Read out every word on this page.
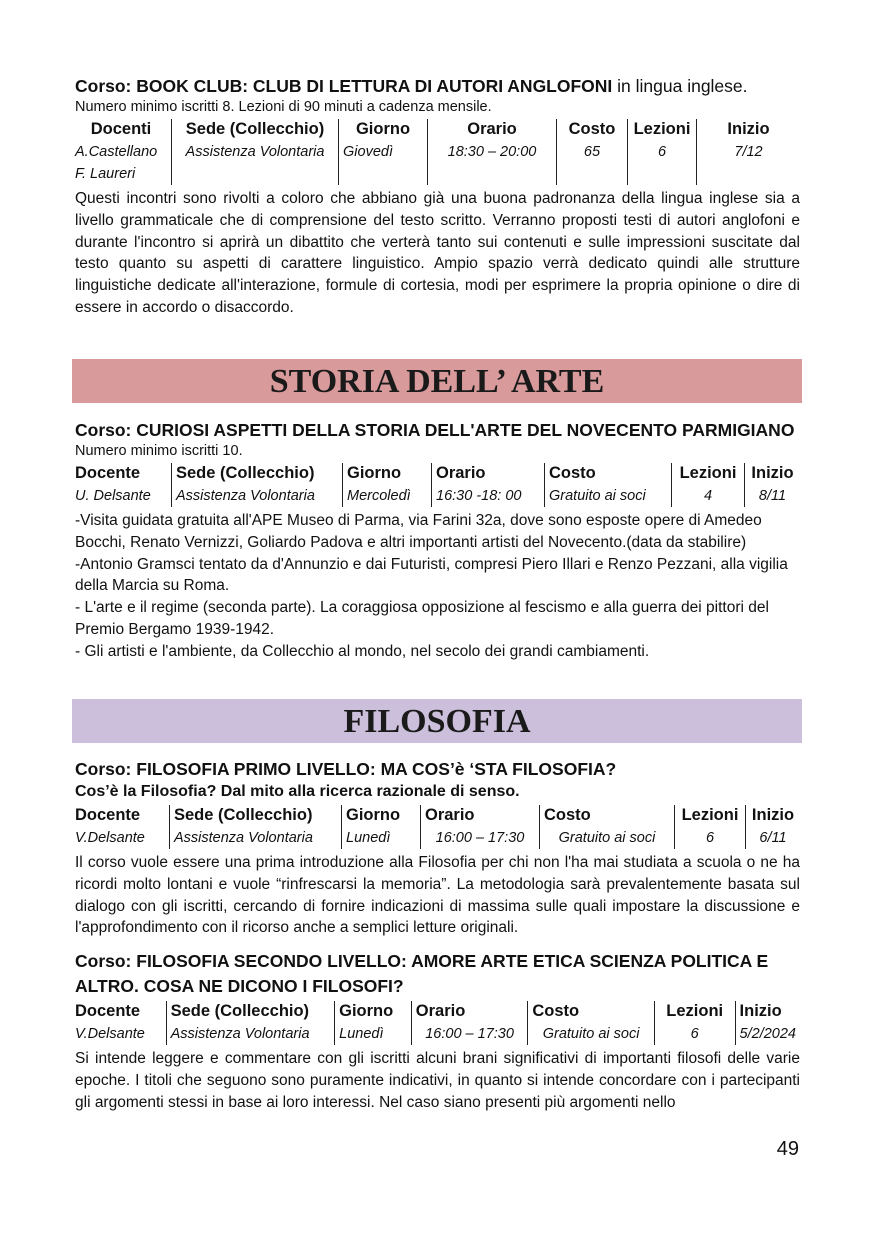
Corso: BOOK CLUB: CLUB DI LETTURA DI AUTORI ANGLOFONI in lingua inglese.
Numero minimo iscritti 8. Lezioni di 90 minuti a cadenza mensile.
Docenti	Sede (Collecchio)	Giorno	Orario	Costo	Lezioni	Inizio
A.Castellano	Assistenza Volontaria	Giovedì	18:30 – 20:00	65	6	7/12
F. Laureri						
Questi incontri sono rivolti a coloro che abbiano già una buona padronanza della lingua inglese sia a livello grammaticale che di comprensione del testo scritto. Verranno proposti testi di autori anglofoni e durante l'incontro si aprirà un dibattito che verterà tanto sui contenuti e sulle impressioni suscitate dal testo quanto su aspetti di carattere linguistico. Ampio spazio verrà dedicato quindi alle strutture linguistiche dedicate all'interazione, formule di cortesia, modi per esprimere la propria opinione o dire di essere in accordo o disaccordo.
STORIA DELL’ ARTE
Corso: CURIOSI ASPETTI DELLA STORIA DELL'ARTE DEL NOVECENTO PARMIGIANO
Numero minimo iscritti 10.
Docente	Sede (Collecchio)	Giorno	Orario	Costo	Lezioni	Inizio
U. Delsante	Assistenza Volontaria	Mercoledì	16:30 -18: 00	Gratuito ai soci	4	8/11
-Visita guidata gratuita all'APE Museo di Parma, via Farini 32a, dove sono esposte opere di Amedeo Bocchi, Renato Vernizzi, Goliardo Padova e altri importanti artisti del Novecento.(data da stabilire)
-Antonio Gramsci tentato da d'Annunzio e dai Futuristi, compresi Piero Illari e Renzo Pezzani, alla vigilia della Marcia su Roma.
- L'arte e il regime (seconda parte). La coraggiosa opposizione al fescismo e alla guerra dei pittori del Premio Bergamo 1939-1942.
- Gli artisti e l'ambiente, da Collecchio al mondo, nel secolo dei grandi cambiamenti.
FILOSOFIA
Corso: FILOSOFIA PRIMO LIVELLO: MA COS’è ‘STA FILOSOFIA?
Cos’è la Filosofia? Dal mito alla ricerca razionale di senso.
Docente	Sede (Collecchio)	Giorno	Orario	Costo	Lezioni	Inizio
V.Delsante	Assistenza Volontaria	Lunedì	16:00 – 17:30	Gratuito ai soci	6	6/11
Il corso vuole essere una prima introduzione alla Filosofia per chi non l'ha mai studiata a scuola o ne ha ricordi molto lontani e vuole “rinfrescarsi la memoria”. La metodologia sarà prevalentemente basata sul dialogo con gli iscritti, cercando di fornire indicazioni di massima sulle quali impostare la discussione e l'approfondimento con il ricorso anche a semplici letture originali.
Corso: FILOSOFIA SECONDO LIVELLO: AMORE ARTE ETICA SCIENZA POLITICA E ALTRO. COSA NE DICONO I FILOSOFI?
Docente	Sede (Collecchio)	Giorno	Orario	Costo	Lezioni	Inizio
V.Delsante	Assistenza Volontaria	Lunedì	16:00 – 17:30	Gratuito ai soci	6	5/2/2024
Si intende leggere e commentare con gli iscritti alcuni brani significativi di importanti filosofi delle varie epoche. I titoli che seguono sono puramente indicativi, in quanto si intende concordare con i partecipanti gli argomenti stessi in base ai loro interessi. Nel caso siano presenti più argomenti nello
49
